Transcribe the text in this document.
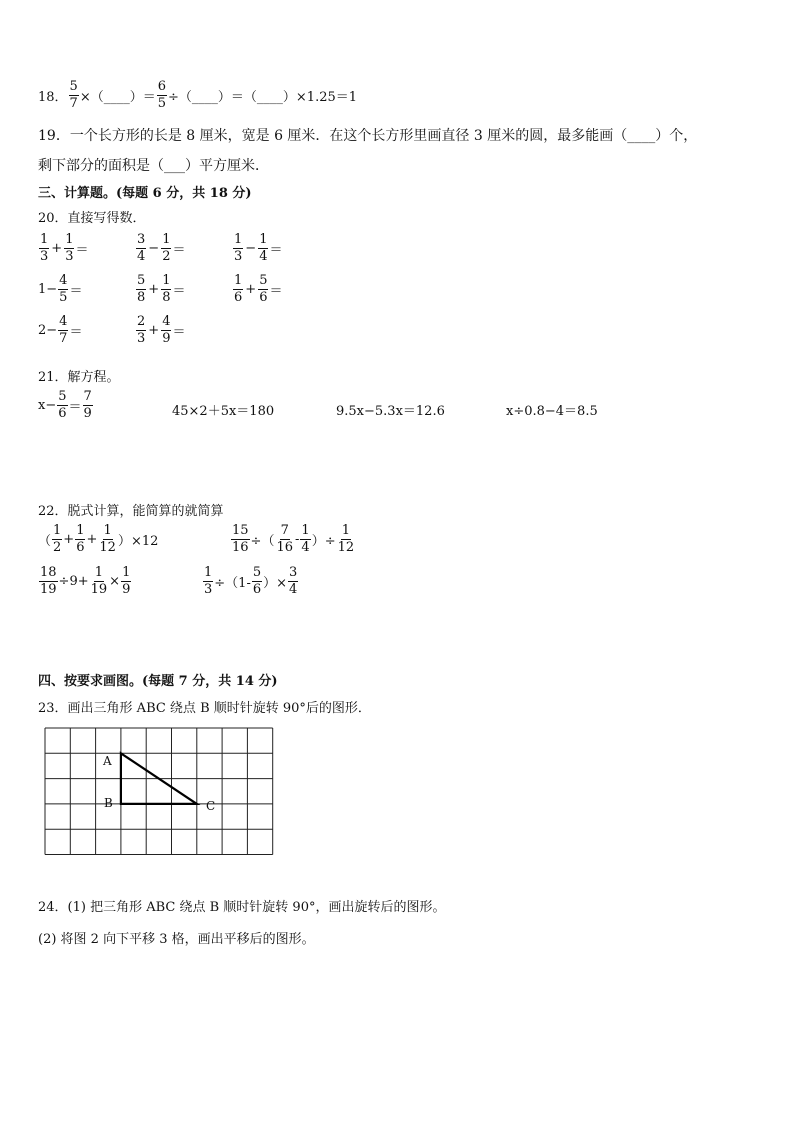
18． $\frac{5}{7}$ ×（____）＝ $\frac{6}{5}$ ÷（____）＝（____）×1.25＝1
19．一个长方形的长是 8 厘米，宽是 6 厘米．在这个长方形里画直径 3 厘米的圆，最多能画（____）个，
剩下部分的面积是（___）平方厘米．
三、计算题。(每题 6 分，共 18 分)
20．直接写得数．
$\frac{1}{3} + \frac{1}{3}$ ＝	$\frac{3}{4} - \frac{1}{2}$ ＝	$\frac{1}{3} - \frac{1}{4}$ ＝
$1- \frac{4}{5}$ ＝	$\frac{5}{8} + \frac{1}{8}$ ＝	$\frac{1}{6} + \frac{5}{6}$ ＝
$2- \frac{4}{7}$ ＝	$\frac{2}{3} + \frac{4}{9}$ ＝
21．解方程。
$x- \frac{5}{6} = \frac{7}{9}$	45×2＋5x＝180	9.5x−5.3x＝12.6	x÷0.8−4＝8.5
22．脱式计算，能简算的就简算
（ $\frac{1}{2} + \frac{1}{6} + \frac{1}{12} )\times 12$	$\frac{15}{16}$ ÷（ $\frac{7}{16} - \frac{1}{4}$ ）÷ $\frac{1}{12}$
$\frac{18}{19} \div 9+ \frac{1}{19} \times \frac{1}{9}$	$\frac{1}{3} \div(1- \frac{5}{6}$ ）× $\frac{3}{4}$
四、按要求画图。(每题 7 分，共 14 分)
23．画出三角形 ABC 绕点 B 顺时针旋转 90°后的图形．
A
B	C
24．(1) 把三角形 ABC 绕点 B 顺时针旋转 90°，画出旋转后的图形。
(2) 将图 2 向下平移 3 格，画出平移后的图形。
